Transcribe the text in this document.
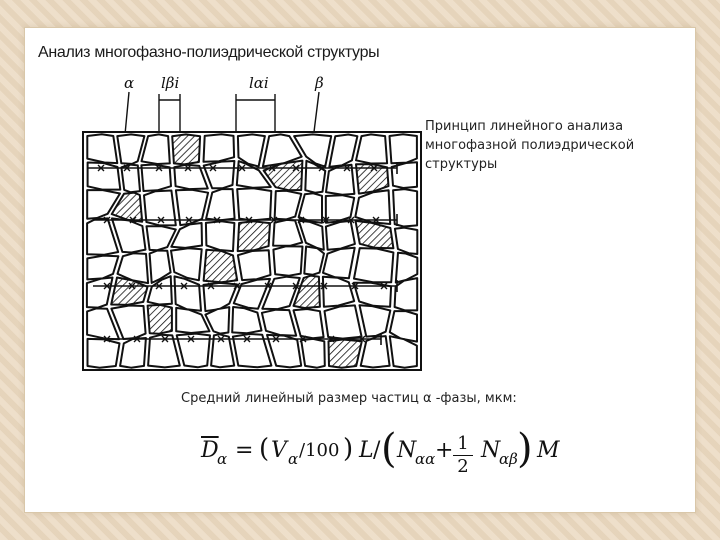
Анализ многофазно-полиэдрической структуры
α lβi	lαi	β
Принцип линейного анализа
многофазной полиэдрической
структуры
Средний линейный размер частиц α -фазы, мкм:
$\overline{D}$
α = ( V α /100 ) L / ( N
αα + 1
2
N
αβ ) M
